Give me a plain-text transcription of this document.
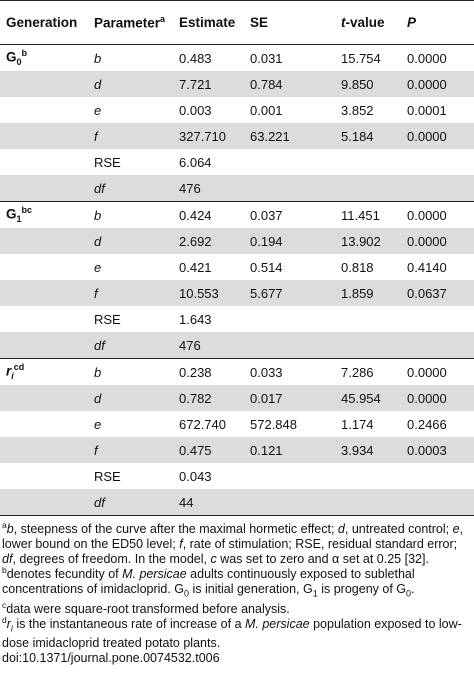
Generation	Parameter$^a$	Estimate	SE	t-value	P
$G_0^b$	b	0.483	0.031	15.754	0.0000
	d	7.721	0.784	9.850	0.0000
	e	0.003	0.001	3.852	0.0001
	f	327.710	63.221	5.184	0.0000
	RSE	6.064			
	df	476			
$G_1^{bc}$	b	0.424	0.037	11.451	0.0000
	d	2.692	0.194	13.902	0.0000
	e	0.421	0.514	0.818	0.4140
	f	10.553	5.677	1.859	0.0637
	RSE	1.643			
	df	476			
$r_i^{cd}$	b	0.238	0.033	7.286	0.0000
	d	0.782	0.017	45.954	0.0000
	e	672.740	572.848	1.174	0.2466
	f	0.475	0.121	3.934	0.0003
	RSE	0.043			
	df	44			

$^a$b, steepness of the curve after the maximal hormetic effect; d, untreated control; e, lower bound on the ED50 level; f, rate of stimulation; RSE, residual standard error; df, degrees of freedom. In the model, c was set to zero and α set at 0.25 [32].

$^b$denotes fecundity of M. persicae adults continuously exposed to sublethal concentrations of imidacloprid. $G_0$ is initial generation, $G_1$ is progeny of $G_0$.

$^c$data were square-root transformed before analysis.

$^dr_i$ is the instantaneous rate of increase of a M. persicae population exposed to low-dose imidacloprid treated potato plants.

doi:10.1371/journal.pone.0074532.t006
